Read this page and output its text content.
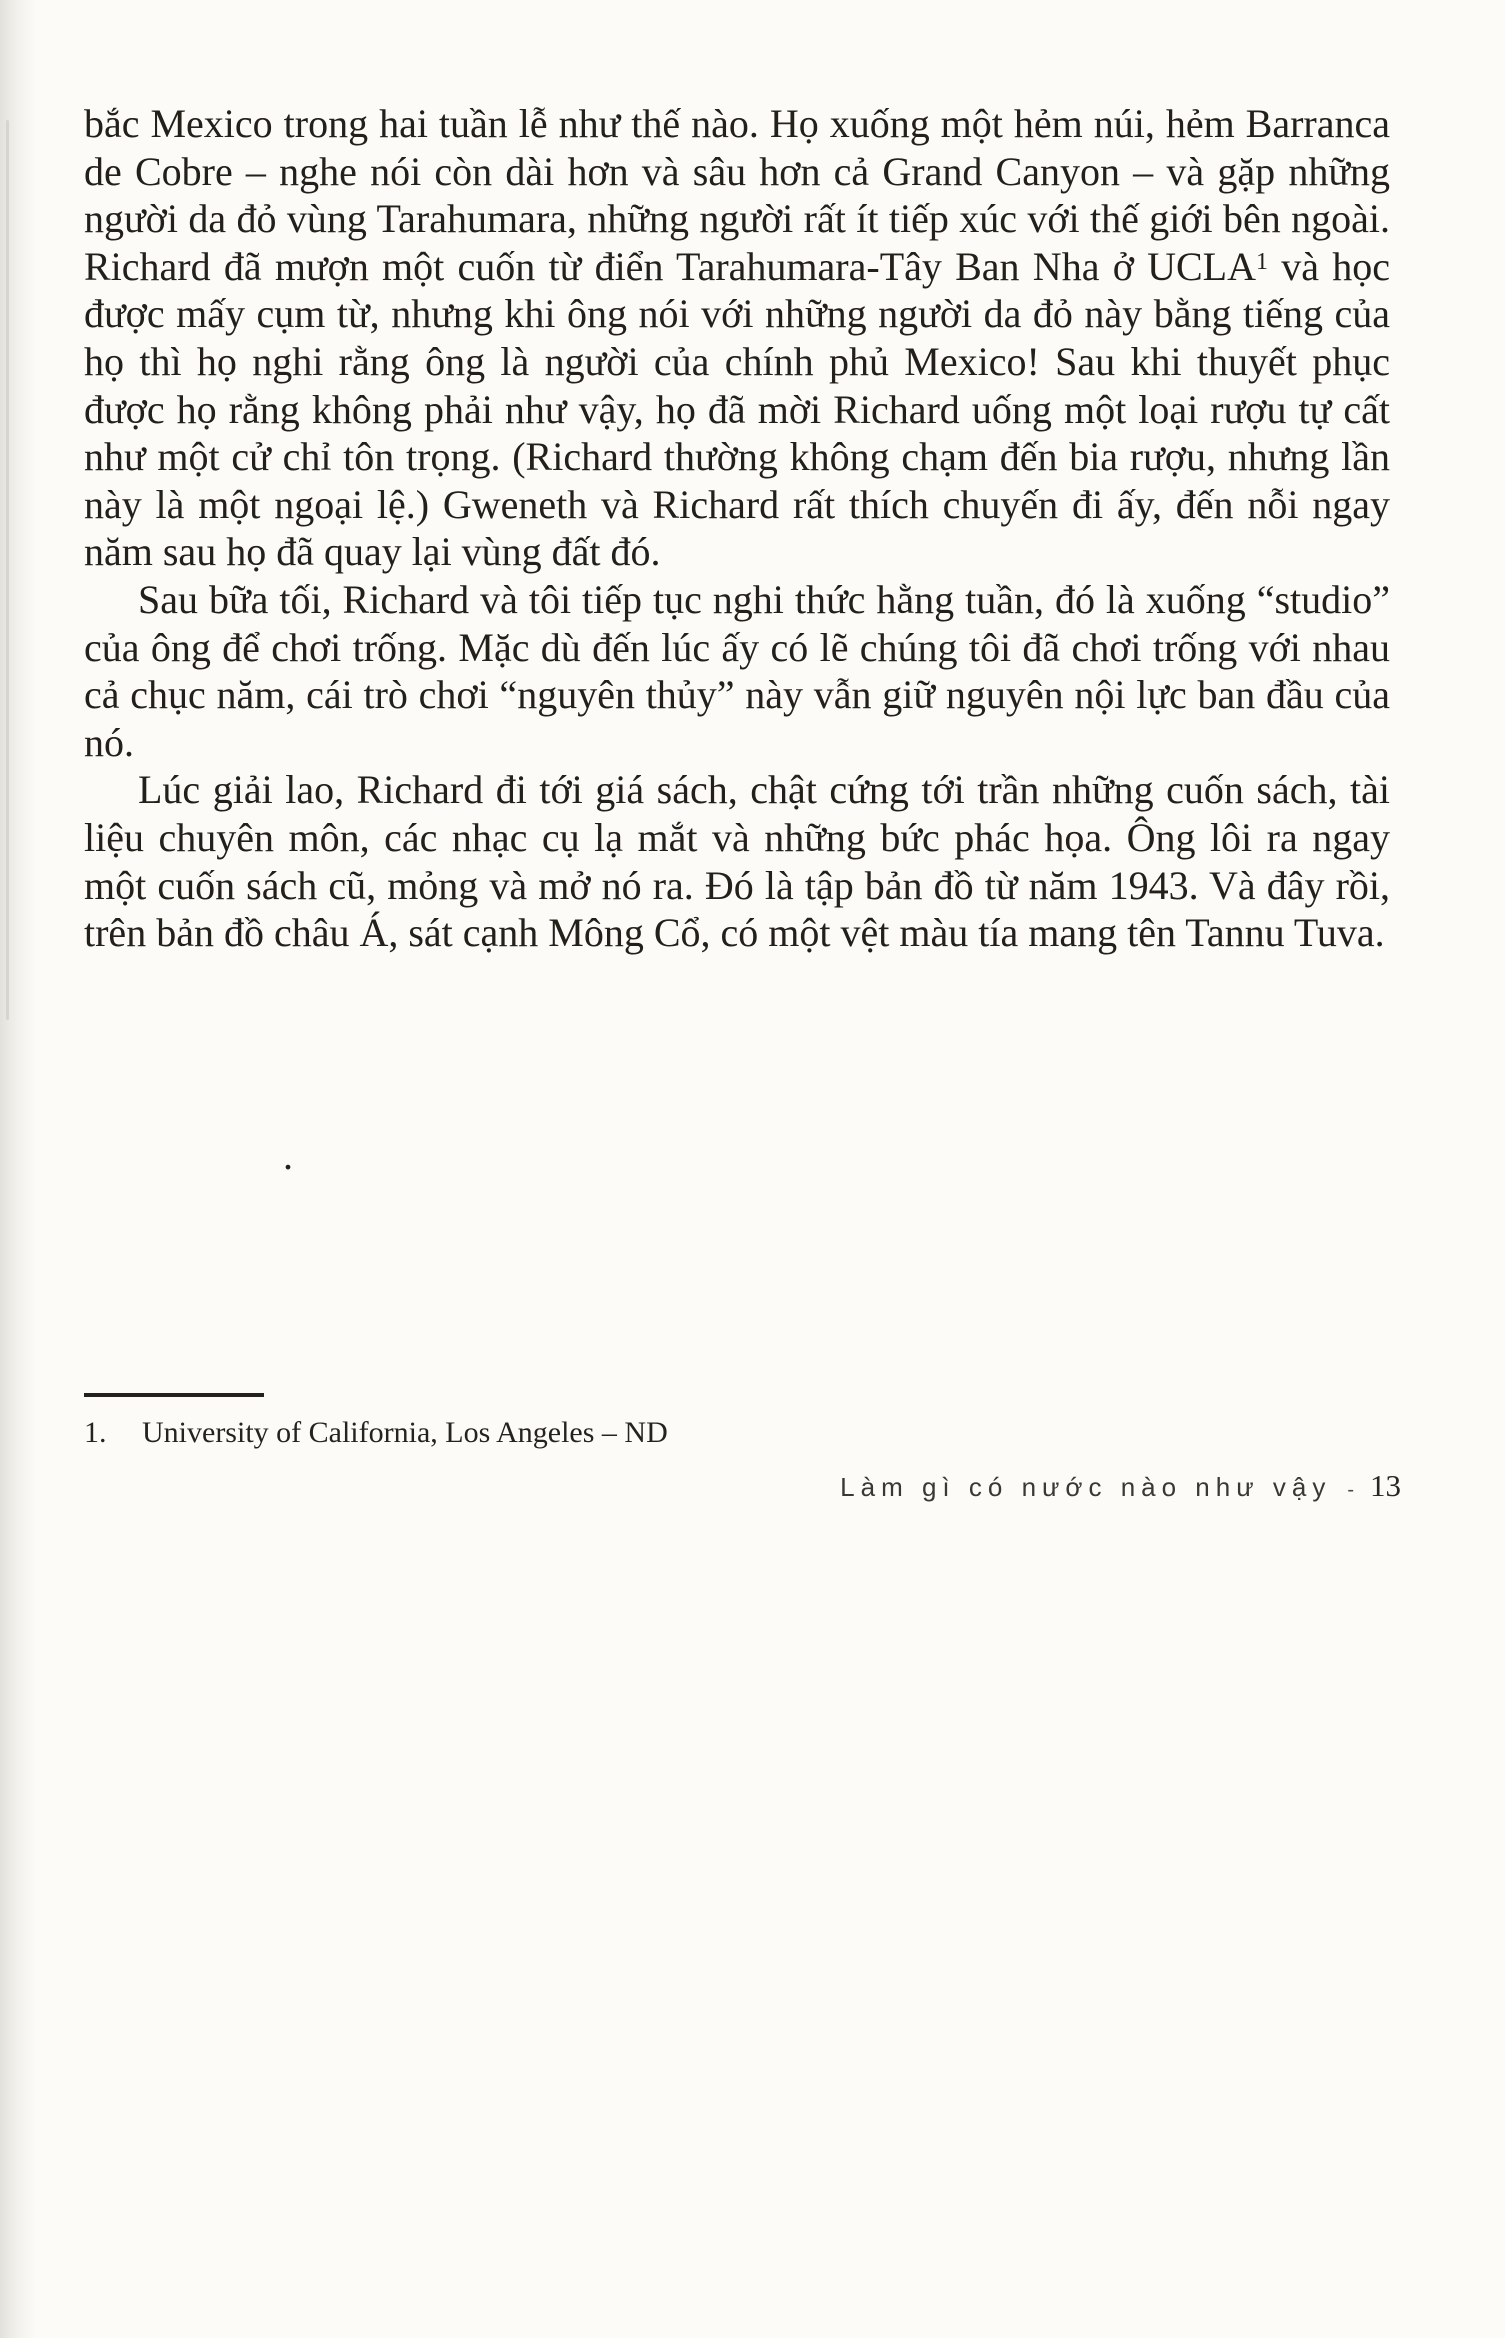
bắc Mexico trong hai tuần lễ như thế nào. Họ xuống một hẻm núi, hẻm Barranca de Cobre – nghe nói còn dài hơn và sâu hơn cả Grand Canyon – và gặp những người da đỏ vùng Tarahumara, những người rất ít tiếp xúc với thế giới bên ngoài. Richard đã mượn một cuốn từ điển Tarahumara-Tây Ban Nha ở UCLA$^1$ và học được mấy cụm từ, nhưng khi ông nói với những người da đỏ này bằng tiếng của họ thì họ nghi rằng ông là người của chính phủ Mexico! Sau khi thuyết phục được họ rằng không phải như vậy, họ đã mời Richard uống một loại rượu tự cất như một cử chỉ tôn trọng. (Richard thường không chạm đến bia rượu, nhưng lần này là một ngoại lệ.) Gweneth và Richard rất thích chuyến đi ấy, đến nỗi ngay năm sau họ đã quay lại vùng đất đó.

Sau bữa tối, Richard và tôi tiếp tục nghi thức hằng tuần, đó là xuống “studio” của ông để chơi trống. Mặc dù đến lúc ấy có lẽ chúng tôi đã chơi trống với nhau cả chục năm, cái trò chơi “nguyên thủy” này vẫn giữ nguyên nội lực ban đầu của nó.

Lúc giải lao, Richard đi tới giá sách, chật cứng tới trần những cuốn sách, tài liệu chuyên môn, các nhạc cụ lạ mắt và những bức phác họa. Ông lôi ra ngay một cuốn sách cũ, mỏng và mở nó ra. Đó là tập bản đồ từ năm 1943. Và đây rồi, trên bản đồ châu Á, sát cạnh Mông Cổ, có một vệt màu tía mang tên Tannu Tuva.

.

1. University of California, Los Angeles – ND

Làm gì có nước nào như vậy - 13
